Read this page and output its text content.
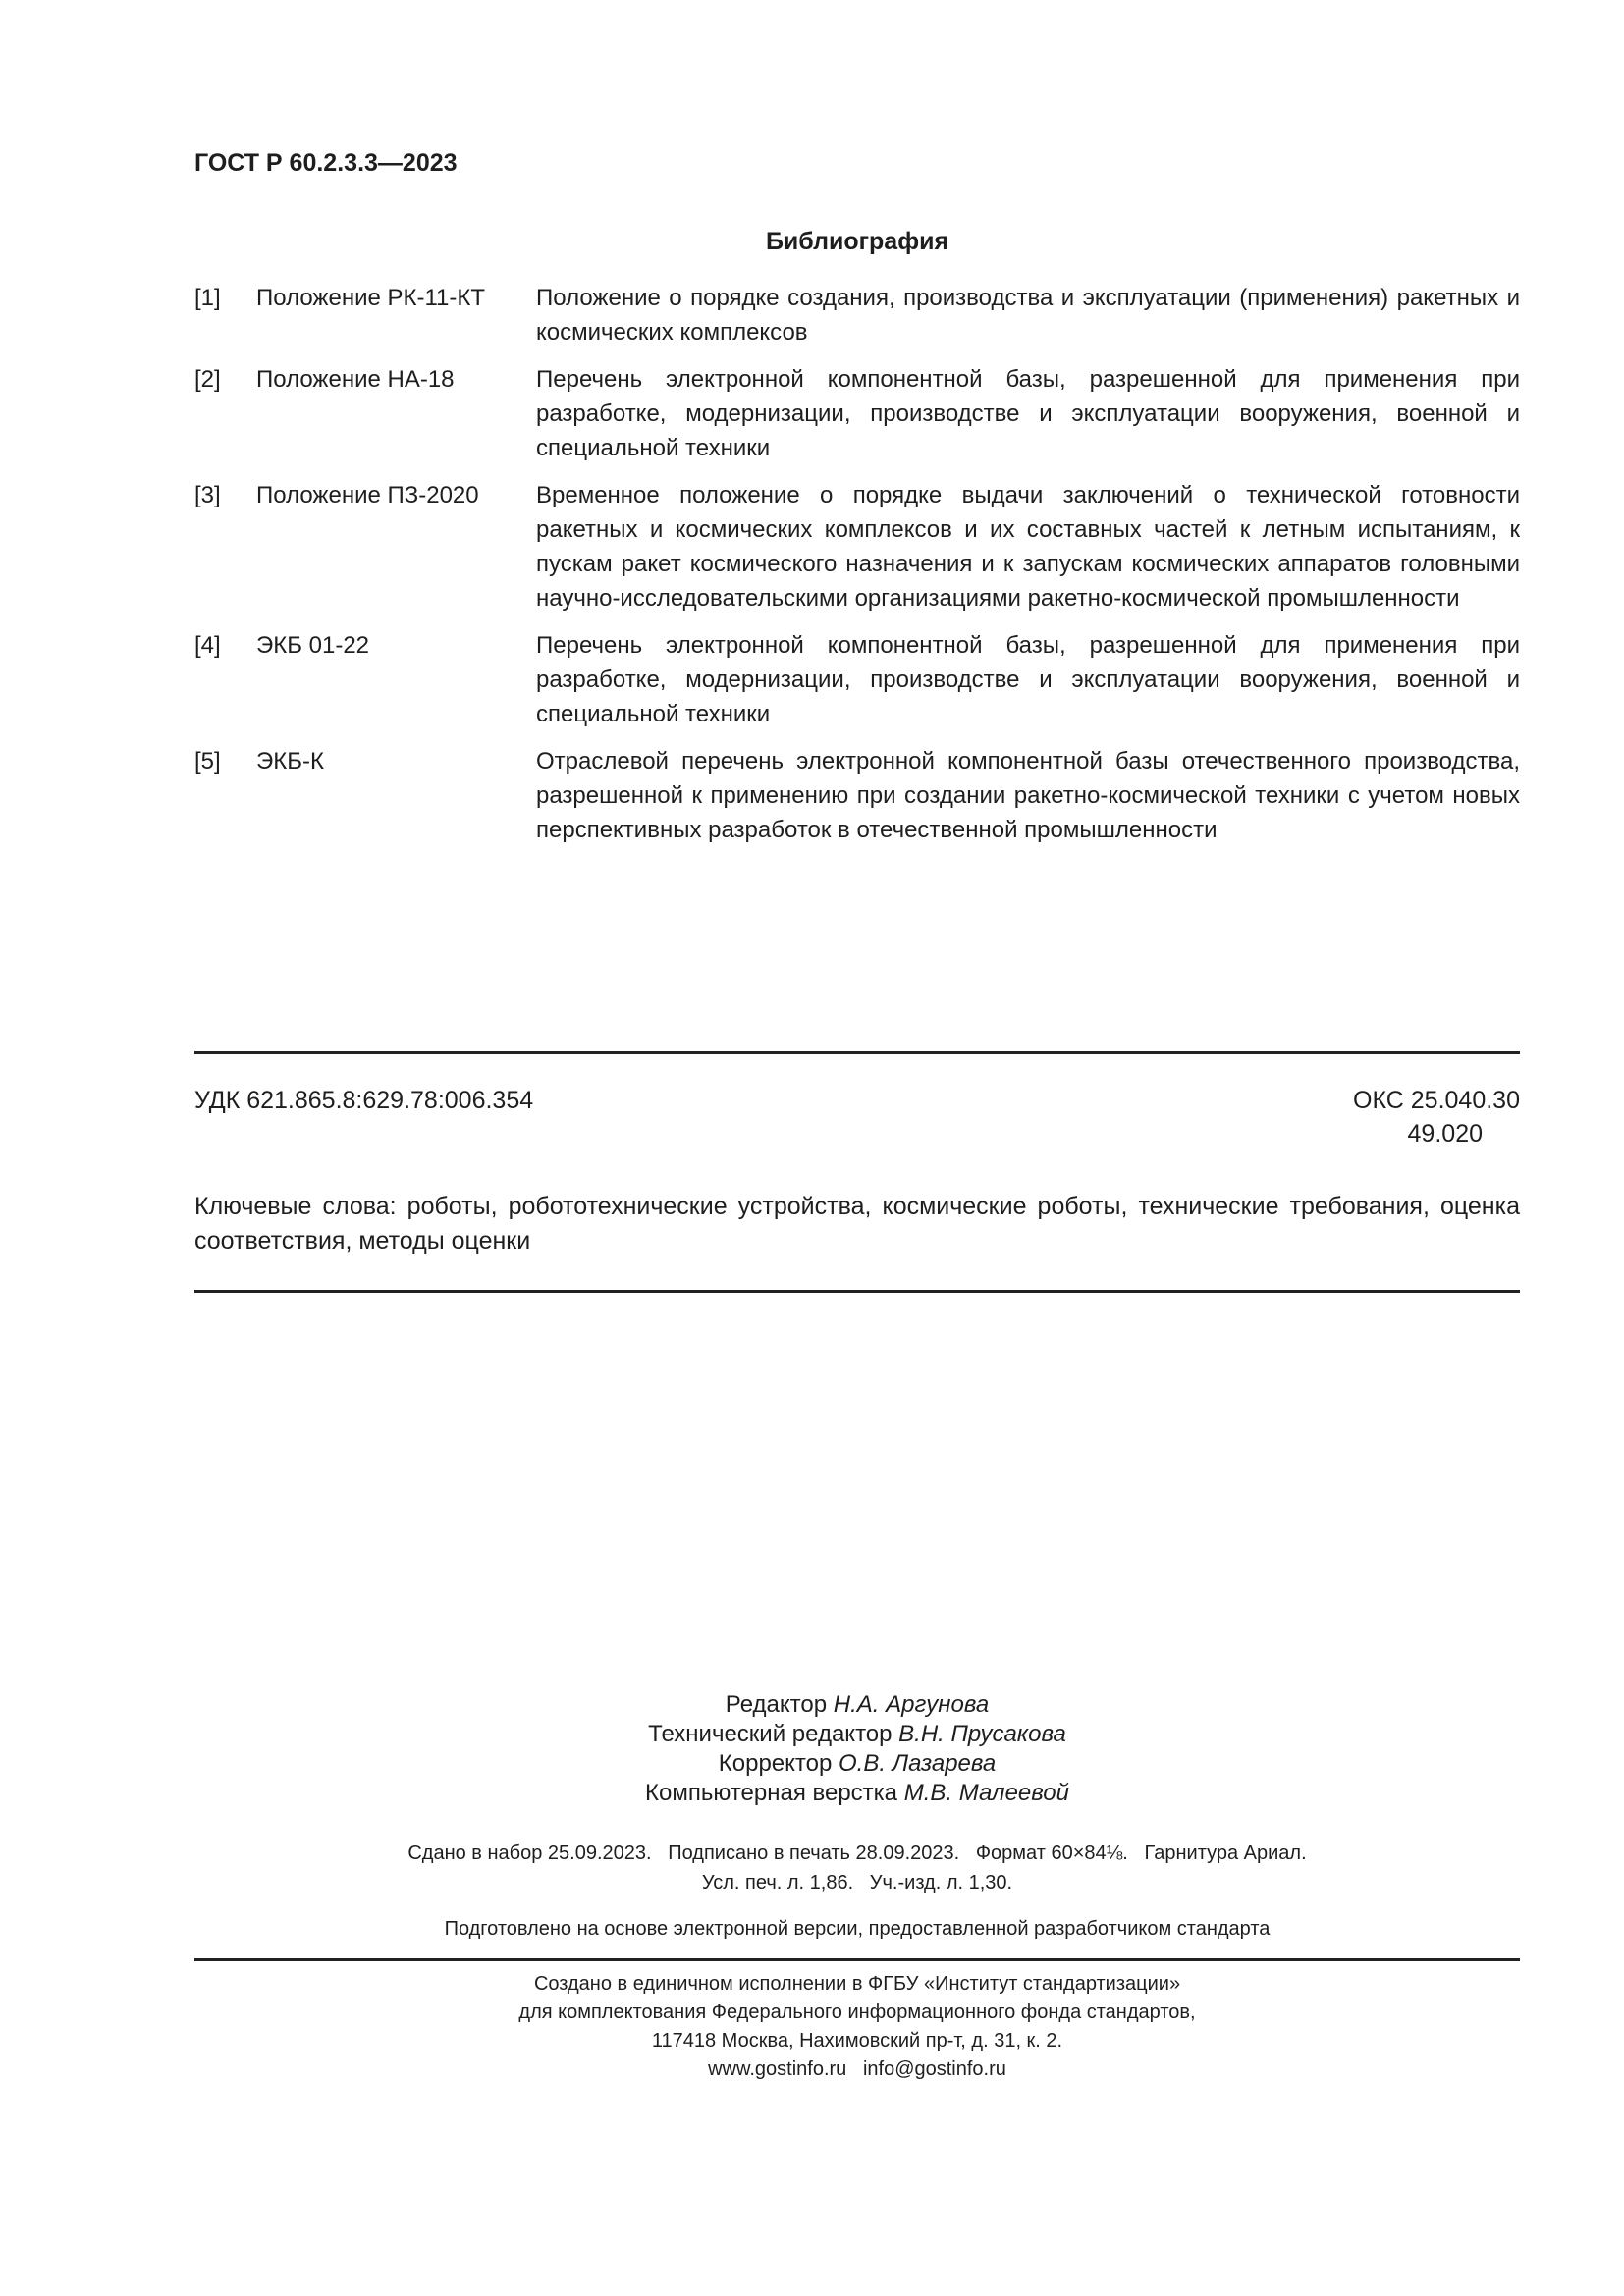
ГОСТ Р 60.2.3.3—2023
Библиография
[1]	Положение РК-11-КТ	Положение о порядке создания, производства и эксплуатации (применения) ракетных и космических комплексов
[2]	Положение НА-18	Перечень электронной компонентной базы, разрешенной для применения при разработке, модернизации, производстве и эксплуатации вооружения, военной и специальной техники
[3]	Положение ПЗ-2020	Временное положение о порядке выдачи заключений о технической готовности ракетных и космических комплексов и их составных частей к летным испытаниям, к пускам ракет космического назначения и к запускам космических аппаратов головными научно-исследовательскими организациями ракетно-космической промышленности
[4]	ЭКБ 01-22	Перечень электронной компонентной базы, разрешенной для применения при разработке, модернизации, производстве и эксплуатации вооружения, военной и специальной техники
[5]	ЭКБ-К	Отраслевой перечень электронной компонентной базы отечественного производства, разрешенной к применению при создании ракетно-космической техники с учетом новых перспективных разработок в отечественной промышленности
УДК 621.865.8:629.78:006.354	ОКС 25.040.30
49.020
Ключевые слова: роботы, робототехнические устройства, космические роботы, технические требования, оценка соответствия, методы оценки
Редактор Н.А. Аргунова
Технический редактор В.Н. Прусакова
Корректор О.В. Лазарева
Компьютерная верстка М.В. Малеевой
Сдано в набор 25.09.2023.   Подписано в печать 28.09.2023.   Формат 60×84⅛.   Гарнитура Ариал.
Усл. печ. л. 1,86.   Уч.-изд. л. 1,30.
Подготовлено на основе электронной версии, предоставленной разработчиком стандарта
Создано в единичном исполнении в ФГБУ «Институт стандартизации»
для комплектования Федерального информационного фонда стандартов,
117418 Москва, Нахимовский пр-т, д. 31, к. 2.
www.gostinfo.ru   info@gostinfo.ru
